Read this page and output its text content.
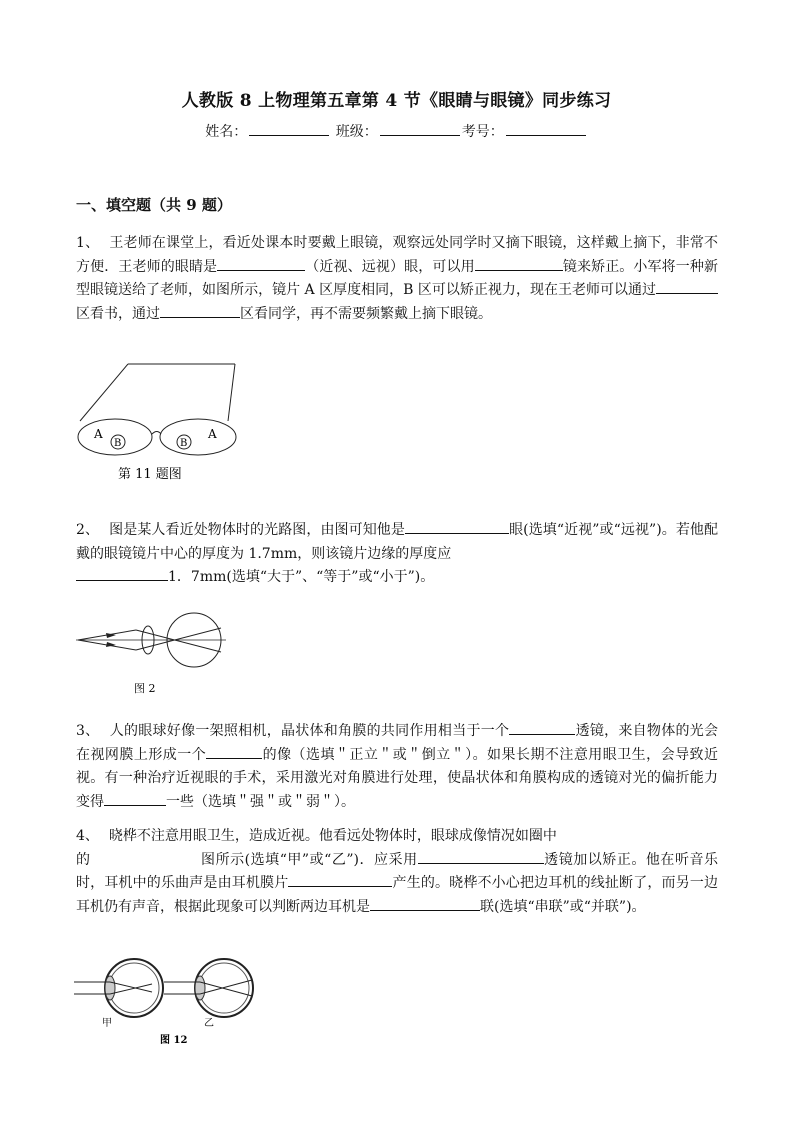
人教版 8 上物理第五章第 4 节《眼睛与眼镜》同步练习
姓名：	班级：	考号：
一、填空题（共 9 题）
1、 王老师在课堂上，看近处课本时要戴上眼镜，观察远处同学时又摘下眼镜，这样戴上摘下，非常不方便．王老师的眼睛是	（近视、远视）眼，可以用	镜来矫正。小军将一种新型眼镜送给了老师，如图所示，镜片 A 区厚度相同，B 区可以矫正视力，现在王老师可以通过区看书，通过	区看同学，再不需要频繁戴上摘下眼镜。
A
B	B
A
第 11 题图
2、 图是某人看近处物体时的光路图，由图可知他是	眼(选填“近视”或“远视”)。若他配戴的眼镜镜片中心的厚度为 1.7mm，则该镜片边缘的厚度应
1．7mm(选填“大于”、“等于”或“小于”)。
图 2
3、 人的眼球好像一架照相机，晶状体和角膜的共同作用相当于一个	透镜，来自物体的光会在视网膜上形成一个	的像（选填＂正立＂或＂倒立＂）。如果长期不注意用眼卫生，会导致近视。有一种治疗近视眼的手术，采用激光对角膜进行处理，使晶状体和角膜构成的透镜对光的偏折能力变得	一些（选填＂强＂或＂弱＂）。
4、 晓桦不注意用眼卫生，造成近视。他看远处物体时，眼球成像情况如圈中
的	图所示(选填“甲”或“乙”)．应采用	透镜加以矫正。他在听音乐时，耳机中的乐曲声是由耳机膜片	产生的。晓桦不小心把边耳机的线扯断了，而另一边耳机仍有声音，根据此现象可以判断两边耳机是	联(选填“串联”或“并联”)。
甲	乙
图 12
